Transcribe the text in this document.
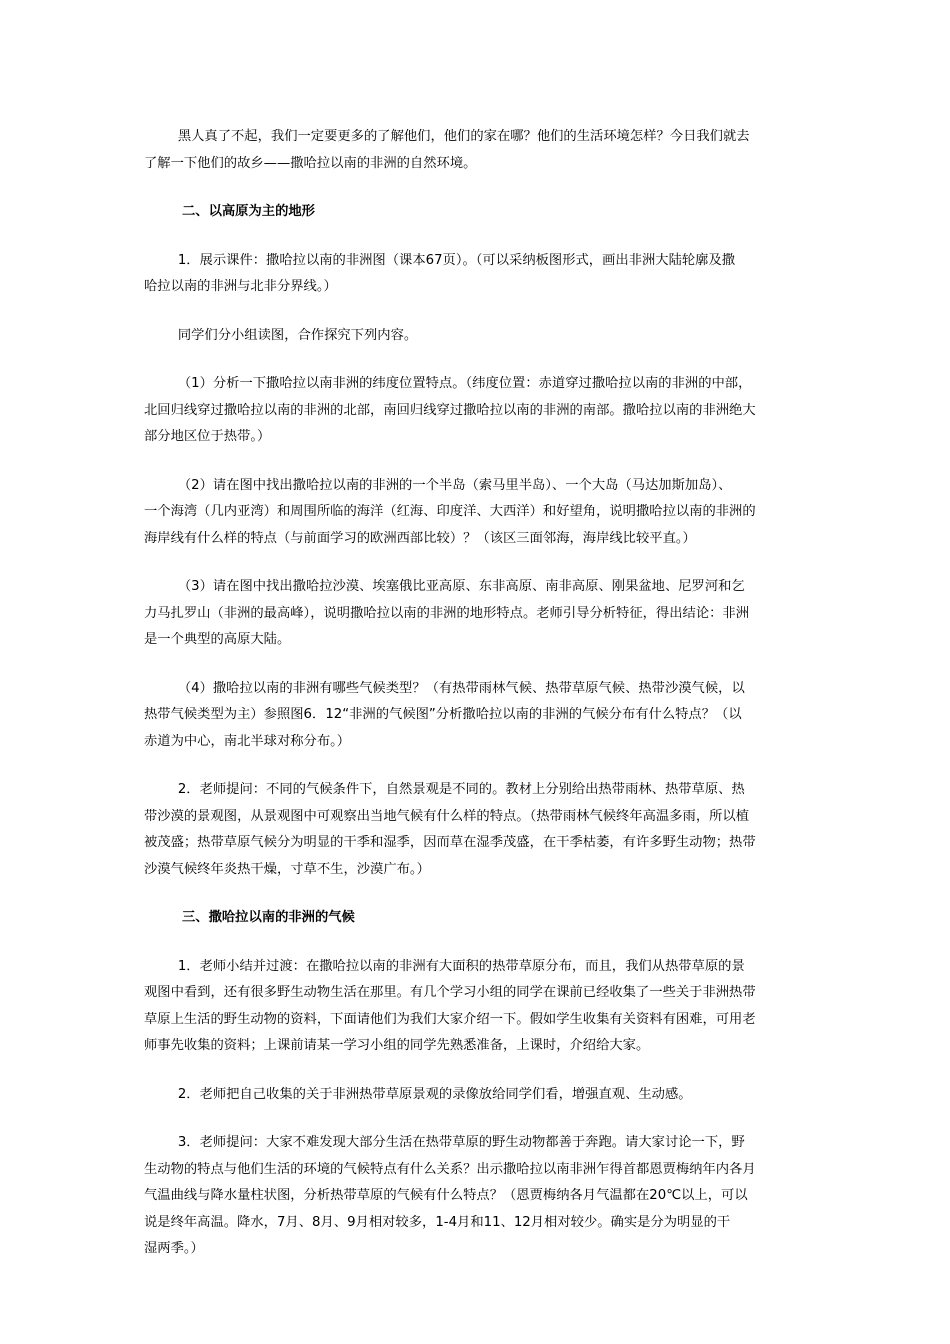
黑人真了不起，我们一定要更多的了解他们，他们的家在哪？他们的生活环境怎样？今日我们就去
了解一下他们的故乡——撒哈拉以南的非洲的自然环境。
二、以高原为主的地形
1．展示课件：撒哈拉以南的非洲图（课本67页）。（可以采纳板图形式，画出非洲大陆轮廓及撒
哈拉以南的非洲与北非分界线。）
同学们分小组读图，合作探究下列内容。
（1）分析一下撒哈拉以南非洲的纬度位置特点。（纬度位置：赤道穿过撒哈拉以南的非洲的中部，
北回归线穿过撒哈拉以南的非洲的北部，南回归线穿过撒哈拉以南的非洲的南部。撒哈拉以南的非洲绝大
部分地区位于热带。）
（2）请在图中找出撒哈拉以南的非洲的一个半岛（索马里半岛）、一个大岛（马达加斯加岛）、
一个海湾（几内亚湾）和周围所临的海洋（红海、印度洋、大西洋）和好望角，说明撒哈拉以南的非洲的
海岸线有什么样的特点（与前面学习的欧洲西部比较）？（该区三面邻海，海岸线比较平直。）
（3）请在图中找出撒哈拉沙漠、埃塞俄比亚高原、东非高原、南非高原、刚果盆地、尼罗河和乞
力马扎罗山（非洲的最高峰），说明撒哈拉以南的非洲的地形特点。老师引导分析特征，得出结论：非洲
是一个典型的高原大陆。
（4）撒哈拉以南的非洲有哪些气候类型？（有热带雨林气候、热带草原气候、热带沙漠气候，以
热带气候类型为主）参照图6．12“非洲的气候图”分析撒哈拉以南的非洲的气候分布有什么特点？（以
赤道为中心，南北半球对称分布。）
2．老师提问：不同的气候条件下，自然景观是不同的。教材上分别给出热带雨林、热带草原、热
带沙漠的景观图，从景观图中可观察出当地气候有什么样的特点。（热带雨林气候终年高温多雨，所以植
被茂盛；热带草原气候分为明显的干季和湿季，因而草在湿季茂盛，在干季枯萎，有许多野生动物；热带
沙漠气候终年炎热干燥，寸草不生，沙漠广布。）
三、撒哈拉以南的非洲的气候
1．老师小结并过渡：在撒哈拉以南的非洲有大面积的热带草原分布，而且，我们从热带草原的景
观图中看到，还有很多野生动物生活在那里。有几个学习小组的同学在课前已经收集了一些关于非洲热带
草原上生活的野生动物的资料，下面请他们为我们大家介绍一下。假如学生收集有关资料有困难，可用老
师事先收集的资料；上课前请某一学习小组的同学先熟悉准备，上课时，介绍给大家。
2．老师把自己收集的关于非洲热带草原景观的录像放给同学们看，增强直观、生动感。
3．老师提问：大家不难发现大部分生活在热带草原的野生动物都善于奔跑。请大家讨论一下，野
生动物的特点与他们生活的环境的气候特点有什么关系？出示撒哈拉以南非洲乍得首都恩贾梅纳年内各月
气温曲线与降水量柱状图，分析热带草原的气候有什么特点？（恩贾梅纳各月气温都在20℃以上，可以
说是终年高温。降水，7月、8月、9月相对较多，1-4月和11、12月相对较少。确实是分为明显的干
湿两季。）
